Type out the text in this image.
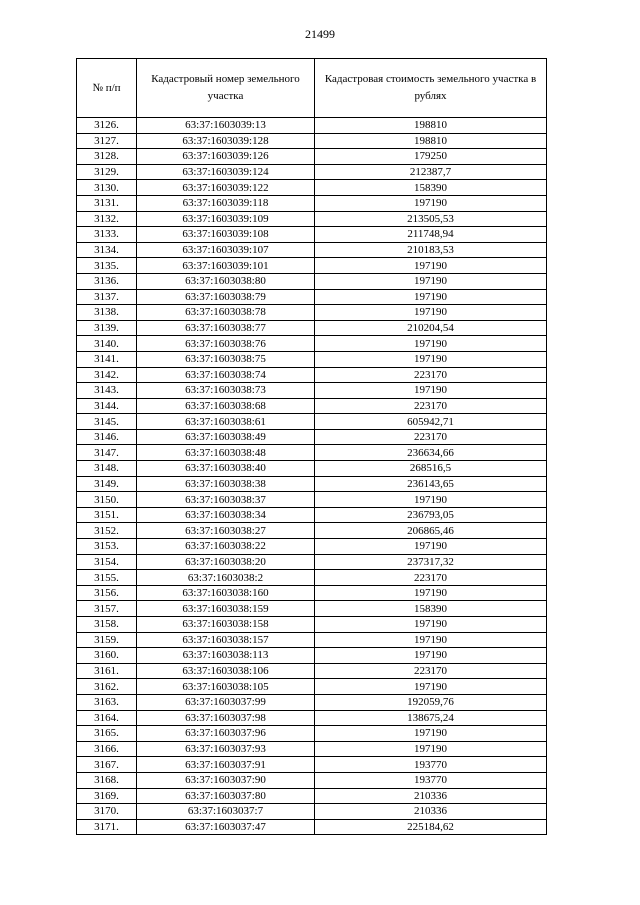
21499
№ п/п	Кадастровый номер земельного участка	Кадастровая стоимость земельного участка в рублях
3126.	63:37:1603039:13	198810
3127.	63:37:1603039:128	198810
3128.	63:37:1603039:126	179250
3129.	63:37:1603039:124	212387,7
3130.	63:37:1603039:122	158390
3131.	63:37:1603039:118	197190
3132.	63:37:1603039:109	213505,53
3133.	63:37:1603039:108	211748,94
3134.	63:37:1603039:107	210183,53
3135.	63:37:1603039:101	197190
3136.	63:37:1603038:80	197190
3137.	63:37:1603038:79	197190
3138.	63:37:1603038:78	197190
3139.	63:37:1603038:77	210204,54
3140.	63:37:1603038:76	197190
3141.	63:37:1603038:75	197190
3142.	63:37:1603038:74	223170
3143.	63:37:1603038:73	197190
3144.	63:37:1603038:68	223170
3145.	63:37:1603038:61	605942,71
3146.	63:37:1603038:49	223170
3147.	63:37:1603038:48	236634,66
3148.	63:37:1603038:40	268516,5
3149.	63:37:1603038:38	236143,65
3150.	63:37:1603038:37	197190
3151.	63:37:1603038:34	236793,05
3152.	63:37:1603038:27	206865,46
3153.	63:37:1603038:22	197190
3154.	63:37:1603038:20	237317,32
3155.	63:37:1603038:2	223170
3156.	63:37:1603038:160	197190
3157.	63:37:1603038:159	158390
3158.	63:37:1603038:158	197190
3159.	63:37:1603038:157	197190
3160.	63:37:1603038:113	197190
3161.	63:37:1603038:106	223170
3162.	63:37:1603038:105	197190
3163.	63:37:1603037:99	192059,76
3164.	63:37:1603037:98	138675,24
3165.	63:37:1603037:96	197190
3166.	63:37:1603037:93	197190
3167.	63:37:1603037:91	193770
3168.	63:37:1603037:90	193770
3169.	63:37:1603037:80	210336
3170.	63:37:1603037:7	210336
3171.	63:37:1603037:47	225184,62
